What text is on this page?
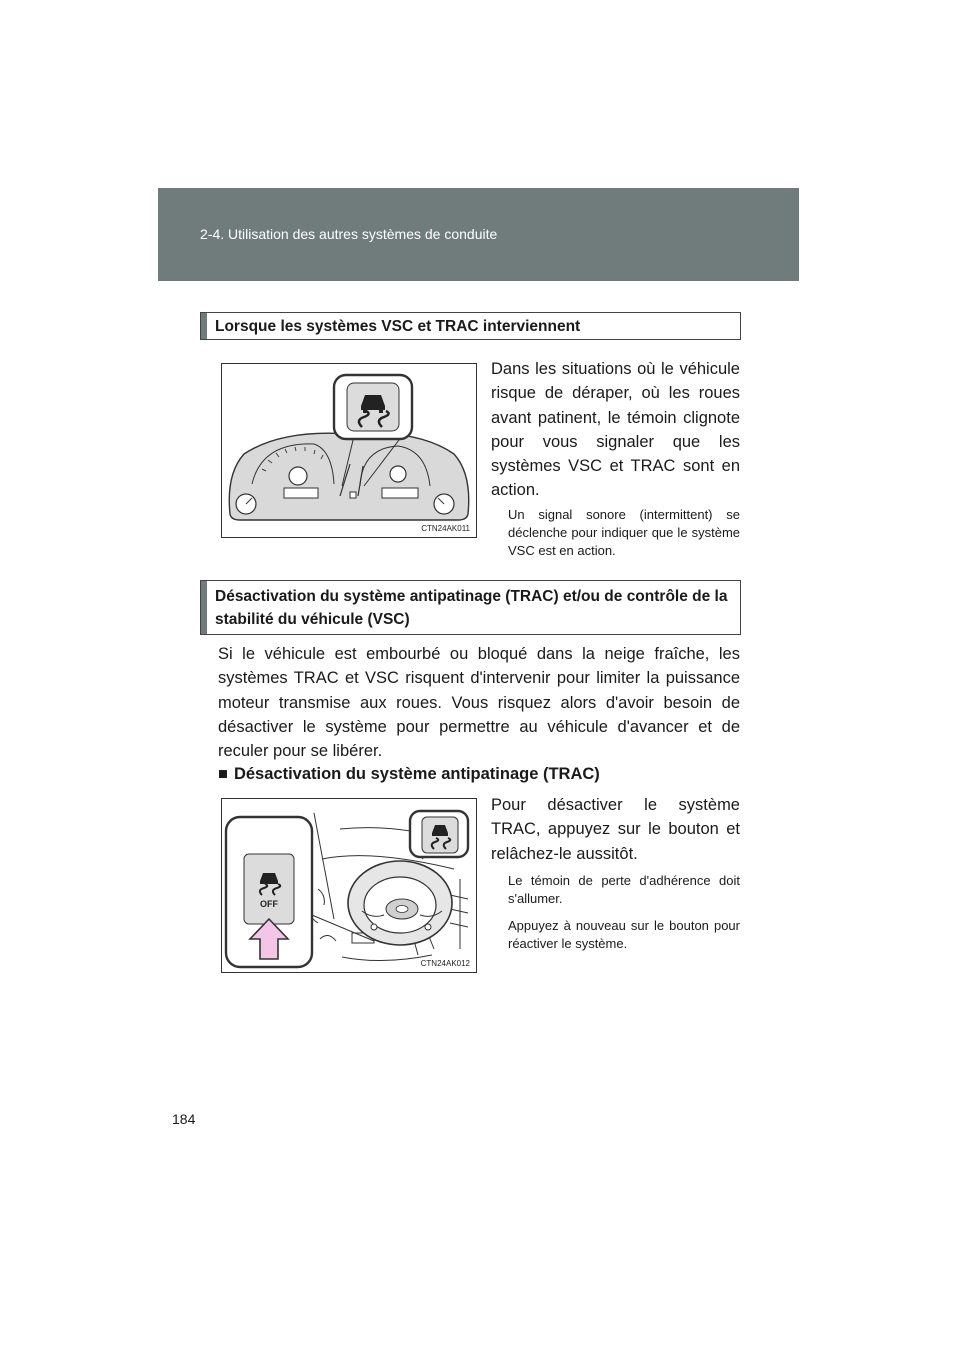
2-4. Utilisation des autres systèmes de conduite
Lorsque les systèmes VSC et TRAC interviennent
CTN24AK011

Dans les situations où le véhicule risque de déraper, où les roues avant patinent, le témoin clignote pour vous signaler que les systèmes VSC et TRAC sont en action.

Un signal sonore (intermittent) se déclenche pour indiquer que le système VSC est en action.

Désactivation du système antipatinage (TRAC) et/ou de contrôle de la stabilité du véhicule (VSC)

Si le véhicule est embourbé ou bloqué dans la neige fraîche, les systèmes TRAC et VSC risquent d'intervenir pour limiter la puissance moteur transmise aux roues. Vous risquez alors d'avoir besoin de désactiver le système pour permettre au véhicule d'avancer et de reculer pour se libérer.

■ Désactivation du système antipatinage (TRAC)
OFF
CTN24AK012

Pour désactiver le système TRAC, appuyez sur le bouton et relâchez-le aussitôt.

Le témoin de perte d'adhérence doit s'allumer.

Appuyez à nouveau sur le bouton pour réactiver le système.

184
